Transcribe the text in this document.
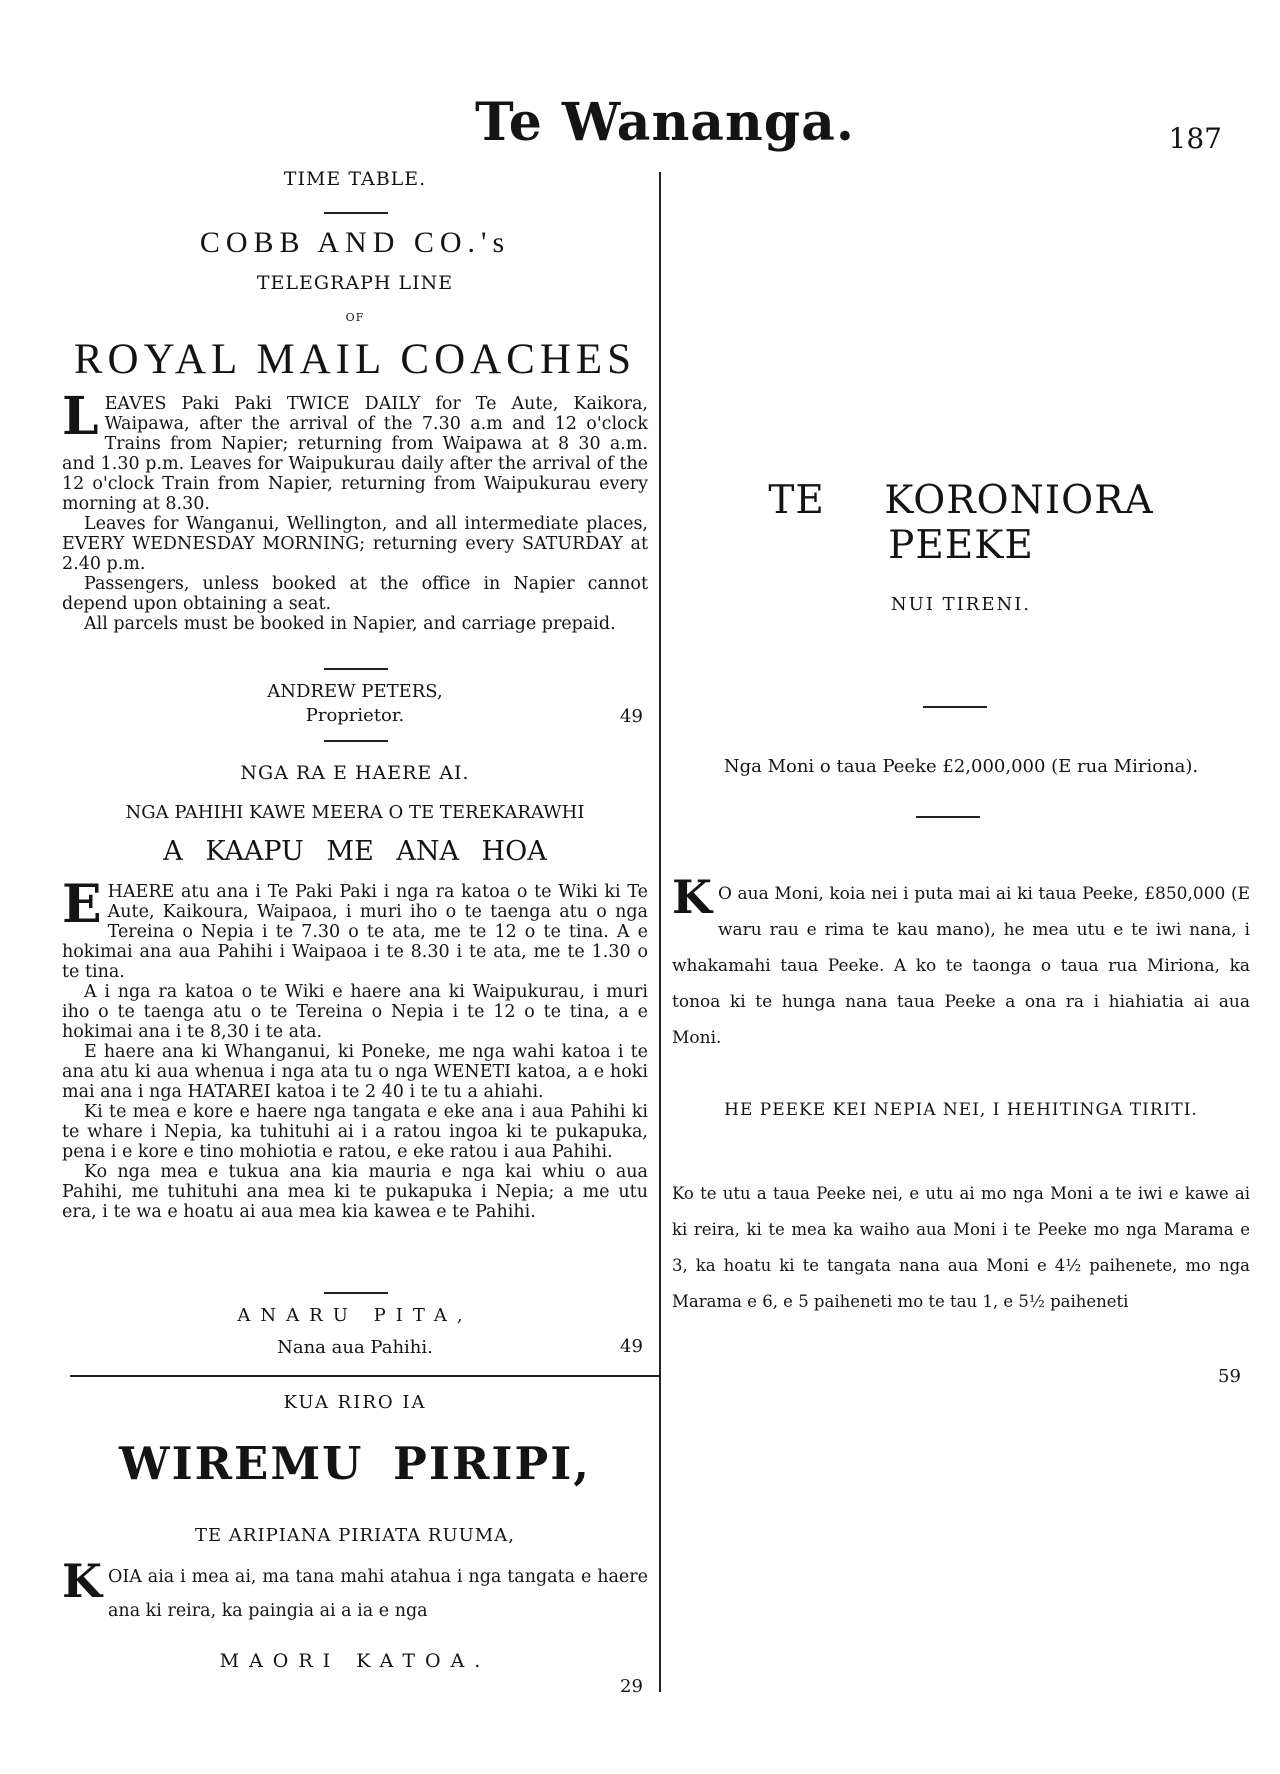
Te Wananga.	187
TIME TABLE.
COBB AND CO.'s
TELEGRAPH LINE
OF
ROYAL MAIL COACHES

LEAVES Paki Paki TWICE DAILY for Te Aute, Kaikora, Waipawa, after the arrival of the 7.30 a.m and 12 o'clock Trains from Napier; returning from Waipawa at 8 30 a.m. and 1.30 p.m. Leaves for Waipukurau daily after the arrival of the 12 o'clock Train from Napier, returning from Waipukurau every morning at 8.30.

Leaves for Wanganui, Wellington, and all intermediate places, EVERY WEDNESDAY MORNING; returning every SATURDAY at 2.40 p.m.

Passengers, unless booked at the office in Napier cannot depend upon obtaining a seat.

All parcels must be booked in Napier, and carriage prepaid.

ANDREW PETERS,
Proprietor.	49
NGA RA E HAERE AI.
NGA PAHIHI KAWE MEERA O TE TEREKARAWHI
A KAAPU ME ANA HOA

EHAERE atu ana i Te Paki Paki i nga ra katoa o te Wiki ki Te Aute, Kaikoura, Waipaoa, i muri iho o te taenga atu o nga Tereina o Nepia i te 7.30 o te ata, me te 12 o te tina. A e hokimai ana aua Pahihi i Waipaoa i te 8.30 i te ata, me te 1.30 o te tina.

A i nga ra katoa o te Wiki e haere ana ki Waipukurau, i muri iho o te taenga atu o te Tereina o Nepia i te 12 o te tina, a e hokimai ana i te 8,30 i te ata.

E haere ana ki Whanganui, ki Poneke, me nga wahi katoa i te ana atu ki aua whenua i nga ata tu o nga WENETI katoa, a e hoki mai ana i nga HATAREI katoa i te 2 40 i te tu a ahiahi.

Ki te mea e kore e haere nga tangata e eke ana i aua Pahihi ki te whare i Nepia, ka tuhituhi ai i a ratou ingoa ki te pukapuka, pena i e kore e tino mohiotia e ratou, e eke ratou i aua Pahihi.

Ko nga mea e tukua ana kia mauria e nga kai whiu o aua Pahihi, me tuhituhi ana mea ki te pukapuka i Nepia; a me utu era, i te wa e hoatu ai aua mea kia kawea e te Pahihi.

ANARU PITA,
Nana aua Pahihi.	49
KUA RIRO IA
WIREMU PIRIPI,
TE ARIPIANA PIRIATA RUUMA,
KOIA aia i mea ai, ma tana mahi atahua i nga tangata e haere ana ki reira, ka paingia ai a ia e nga
MAORI KATOA.
29
TE KORONIORA PEEKE
NUI TIRENI.
Nga Moni o taua Peeke £2,000,000 (E rua Miriona).
K O aua Moni, koia nei i puta mai ai ki taua Peeke, £850,000 (E waru rau e rima te kau mano), he mea utu e te iwi nana, i whakamahi taua Peeke. A ko te taonga o taua rua Miriona, ka tonoa ki te hunga nana taua Peeke a ona ra i hiahiatia ai aua Moni.
HE PEEKE KEI NEPIA NEI, I HEHITINGA TIRITI.
Ko te utu a taua Peeke nei, e utu ai mo nga Moni a te iwi e kawe ai ki reira, ki te mea ka waiho aua Moni i te Peeke mo nga Marama e 3, ka hoatu ki te tangata nana aua Moni e 4½ paihenete, mo nga Marama e 6, e 5 paiheneti mo te tau 1, e 5½ paiheneti
59
